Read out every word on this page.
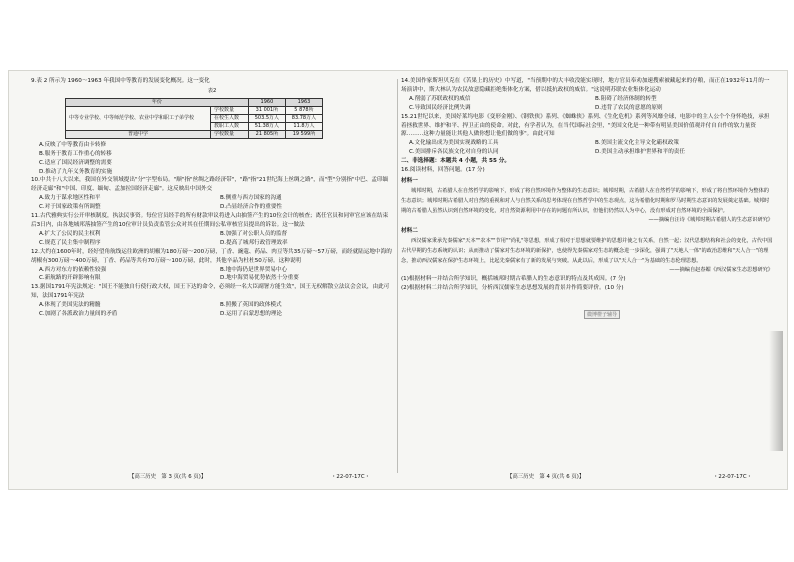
9.表 2 所示为 1960～1963 年我国中等教育的发展变化概况。这一变化

表2

年份		1960	1963
中等专业学校、中等师范学校、农业中学和职工子弟学校	学校数量	31 001所	5 878所
	在校生人数	503.5万人	83.78万人
	教职工人数	51.38万人	11.8万人
普通中学	学校数量	21 805所	19 599所

A.反映了中等教育由卡转修

B.服务于教育工作重心的转移

C.适应了国民经济调整的需要

D.推动了九年义务教育的实施

10.中共十八大以来，我国在外交领域提出"分"字型布局。"顺"指"丝绸之路经济带"，"路"指"21世纪海上丝绸之路"，而"型"分别指"中巴、孟印缅经济走廊"和"中国、印度、缅甸、孟加拉国经济走廊"。这反映出中国外交

A.致力于谋求地区性和平	B.侧重与西方国家的沟通

C.对于国家政策有所调整	D.凸显经济合作的重要性

11.古代雅典实行公开审核制度，执法民事资。每位官员经手的所有财款审议将进入由抽签产生的10位会计的核查；离任官员和同审官应该在结束后3日内，由各地城邦落抽签产生的10位审计员负责监管公众对其在任期间公私审核官员提出的诉讼。这一做法

A.扩大了公民的民主权利	B.加强了对公职人员的监督

C.规范了民主集中制程序	D.提高了城邦行政管理效率

12.大约在1600年时，经好望角航线运往欧洲的胡椒为180万磅～200万磅，丁香、豌蔻、药品、肉豆等共35万磅～57万磅，而经就陆运地中海的胡椒有300万磅～400万磅，丁香、药品等共有70万磅～100万磅，此时，其他辛品为杜杜50万磅。这种说明

A.西方对东方的依赖性较强	B.地中海仍是世界贸易中心

C.新航路的开辟影响有限	D.地中海贸易优势依然十分重要

13.据国1791年宪法规定："国王不能独自行使行政大权，国王下达的命令，必须经一名大臣副署方能生效"，国王无权解散立法议会会议，由此可知，法国1791年宪法

A.体现了美国宪法的精髓	B.照搬了英国的政体模式

C.加剧了各派政治力量间的矛盾	D.运用了启蒙思想的理论

14.美国作家斯坦贝克在《苦果上的历史》中写道，"当预期中的大丰收没能实现时，地方官员奉劝加速搜索被藏起来的存粮，而正在1932年11月的一场演讲中，斯大林认为农民故意隐藏拒绝集体化方案，借以抵抗政权的威信。"这说明苏联农业集体化运动

A.削弱了苏联政权的威信	B.阻碍了经济体制的转型

C.导致国民经济比例失调	D.违背了农民的意愿的原则

15.21世纪以来，美国好莱坞电影《变形金刚》、《钢铁侠》系列、《蜘蛛侠》系列、《生化危机》系列等风靡全球，电影中的主人公个个身怀绝技，承担着拯救世界、维护和平、捍卫正由的使命。对此，有学者认为，在当代国际社会里，"美国文化是一种带有明显美国价值观并付自自作的软力量资源………这种力量能让其他人做你想让他们做的事"。由此可知

A.文化输出成为美国实现战略的工具	B.美国主流文化主导文化霸权政策

C.美国排斥各民族文化对自身的认同	D.美国主动承担维护世界和平的责任

二、非选择题：本题共 4 小题，共 55 分。

16.阅读材料，回答问题。(17 分)

材料一

城邦时期，古希腊人在自然哲学的影响下，形成了将自然环境作为整体的生态意识；城邦时期，古希腊人在自然哲学的影响下，形成了将自然环境作为整体的生态意识；城邦时期古希腊人对自然的重视和对人与自然关系的思考体现在自然哲学中的生态观点，这为希腊化时期和罗马时期生态意识的发展奠定基础。城邦时期的古希腊人虽然认识到自然环境的变化，对自然资源利用中存在的问题有所认识，但他们仍然以人为中心，没有形成对自然环境的全面保护。

——摘编自汪诗《城邦时期古希腊人的生态意识研究》

材料二

西汉儒家秉承先秦儒家"天本""农本""节用""尚礼"等思想，形成了相对于思想就要维护的思想并使之有关系，自然一起；汉代思想结构和社会的变化，古代中国古代早期的生态系统的认识；从而推动了儒家对生态环境的新保护，也使得先秦儒家对生态的概念进一步深化，强调了"天地人一体"的政治思维和"天人合一"的理念，推动西汉儒家在保护生态环境上，比起先秦儒家有了新的发展与突破。从此以后，形成了以"天人合一"为基础的生态伦理思想。

——摘编自赵春媚《西汉儒家生态思想研究》

(1)根据材料一并结合所学知识，概括城邦时期古希腊人的生态意识的特点及其成因。(7 分)

(2)根据材料二并结合所学知识，分析西汉儒家生态思想发展的背景并作简要评价。(10 分)

微博橙子辅导
【高三历史　第 3 页(共 6 页)】	・22-07-17C・	【高三历史　第 4 页(共 6 页)】	・22-07-17C・
